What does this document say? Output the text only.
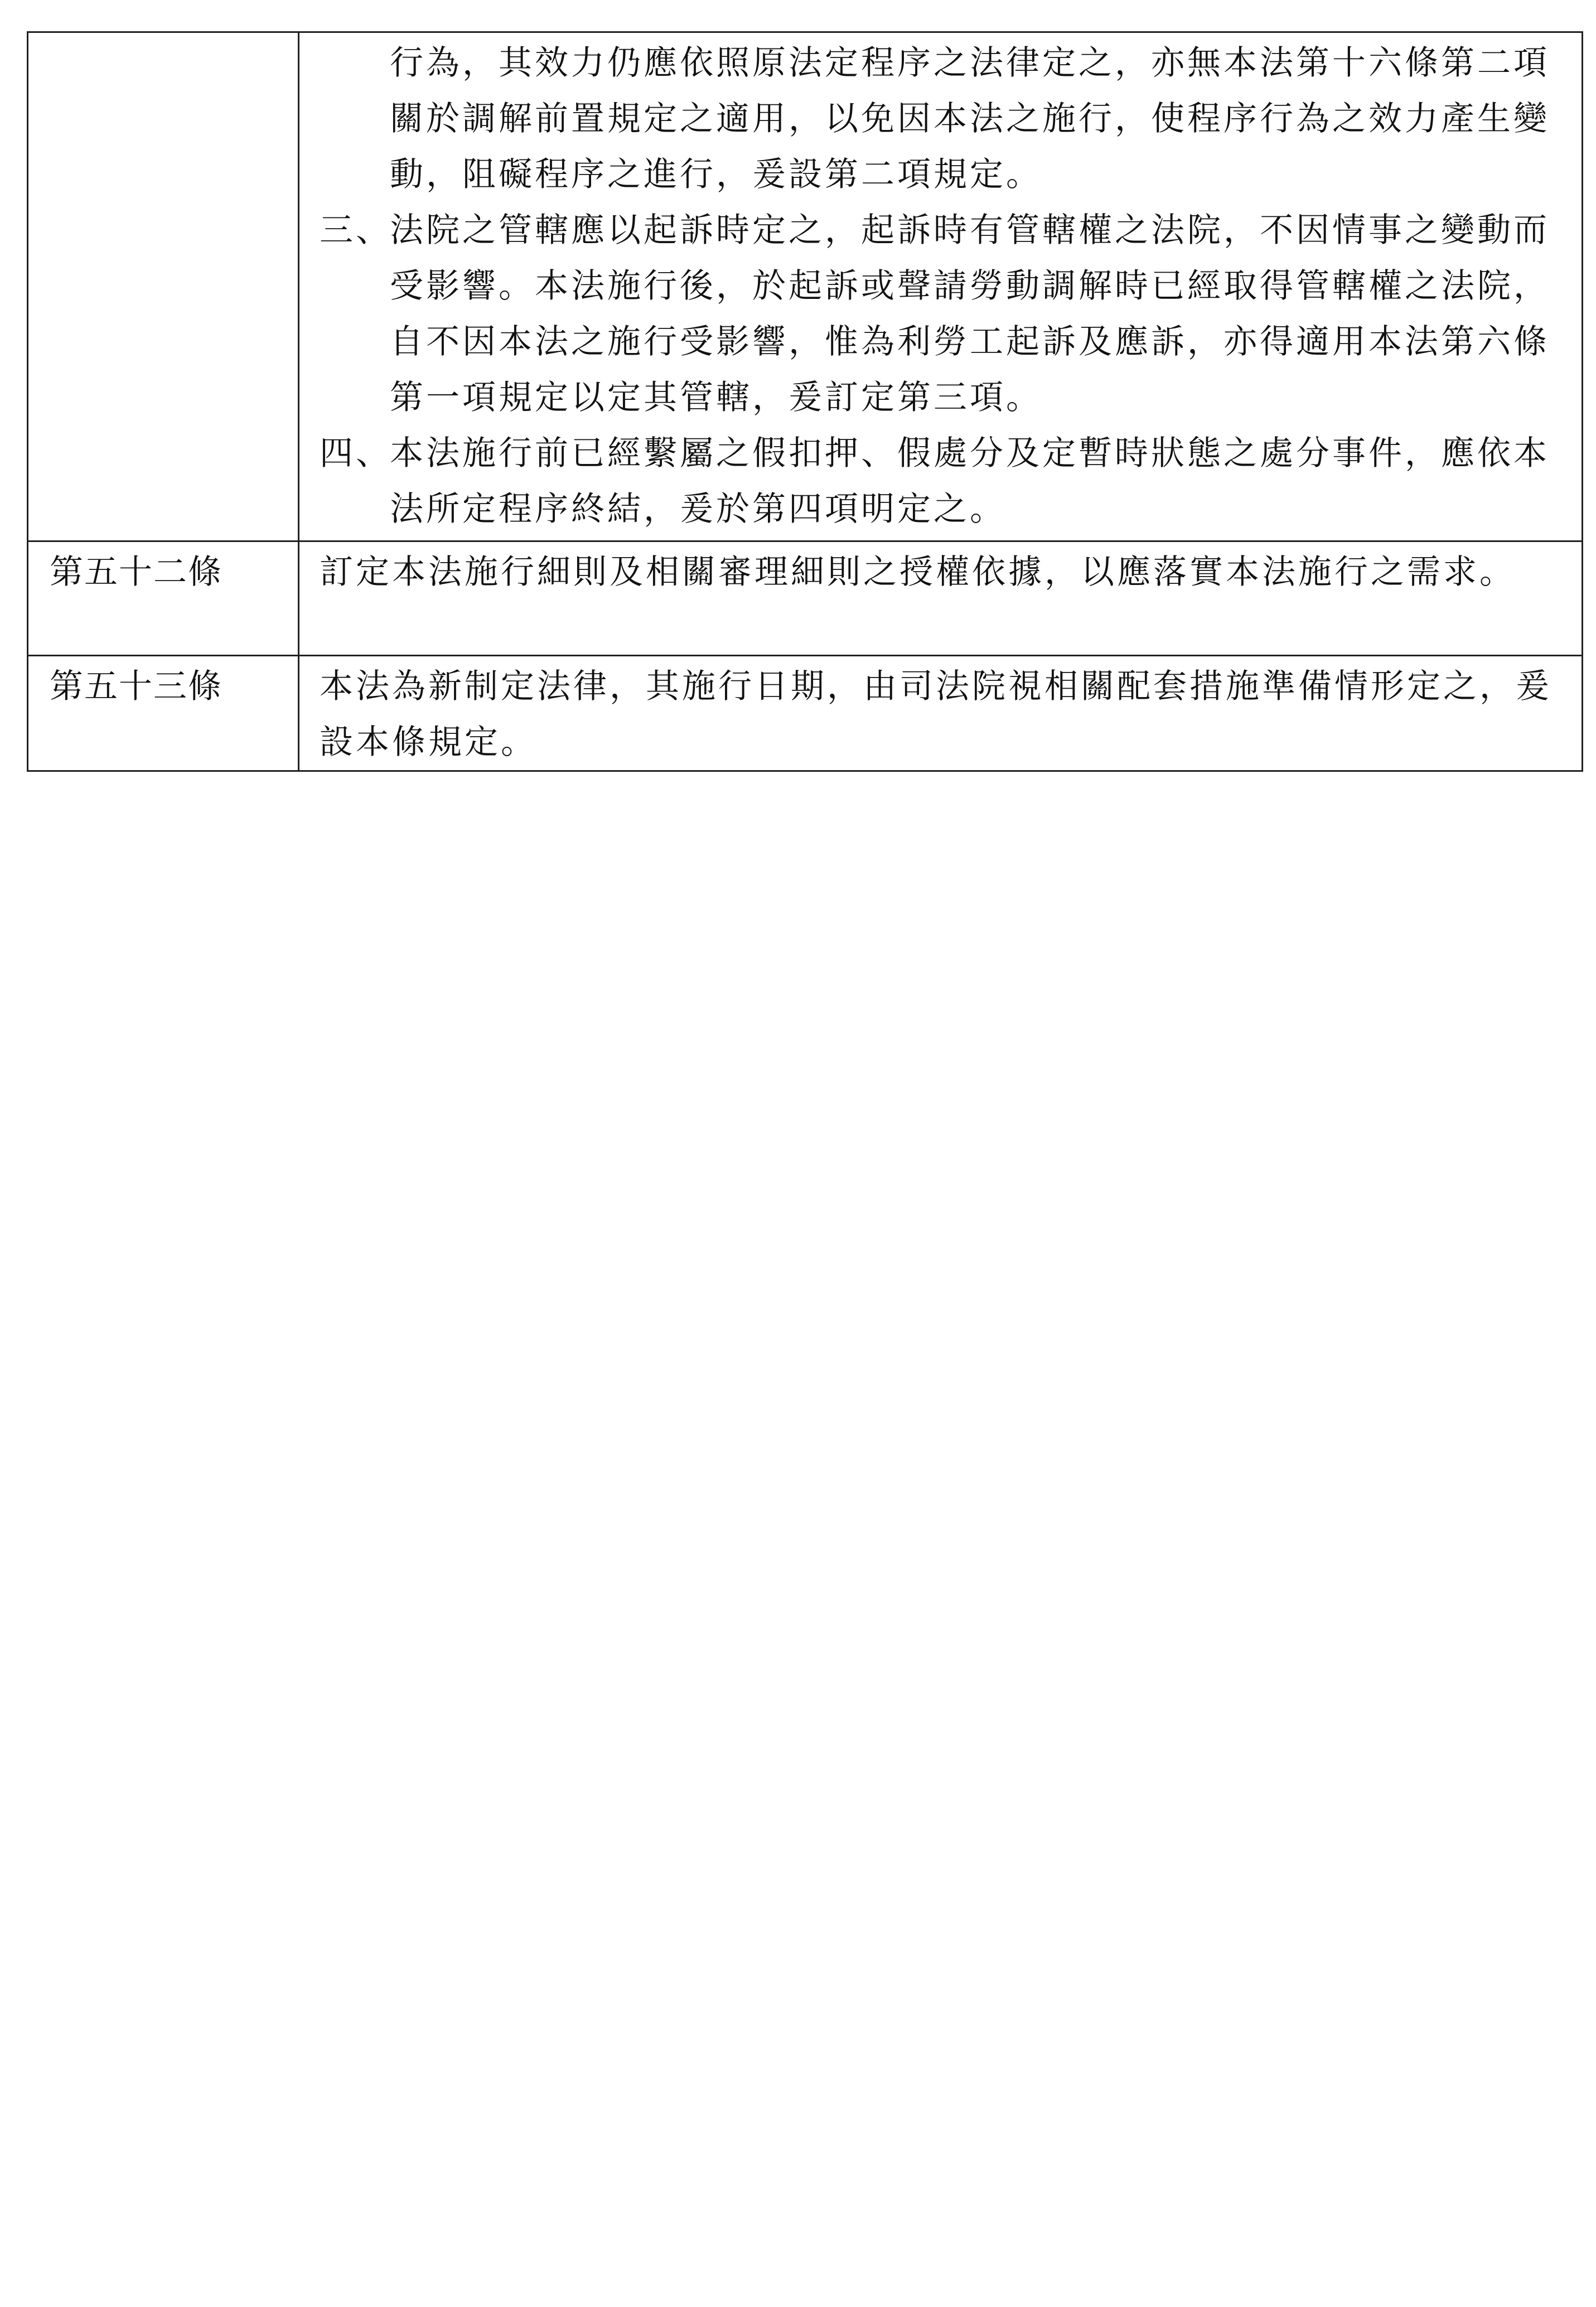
	行為，其效力仍應依照原法定程序之法律定之，亦無本法第十六條第二項關於調解前置規定之適用，以免因本法之施行，使程序行為之效力產生變動，阻礙程序之進行，爰設第二項規定。
三、
法院之管轄應以起訴時定之，起訴時有管轄權之法院，不因情事之變動而受影響。本法施行後，於起訴或聲請勞動調解時已經取得管轄權之法院，自不因本法之施行受影響，惟為利勞工起訴及應訴，亦得適用本法第六條第一項規定以定其管轄，爰訂定第三項。
四、
本法施行前已經繫屬之假扣押、假處分及定暫時狀態之處分事件，應依本法所定程序終結，爰於第四項明定之。

第五十二條	訂定本法施行細則及相關審理細則之授權依據，以應落實本法施行之需求。

第五十三條	本法為新制定法律，其施行日期，由司法院視相關配套措施準備情形定之，爰設本條規定。
